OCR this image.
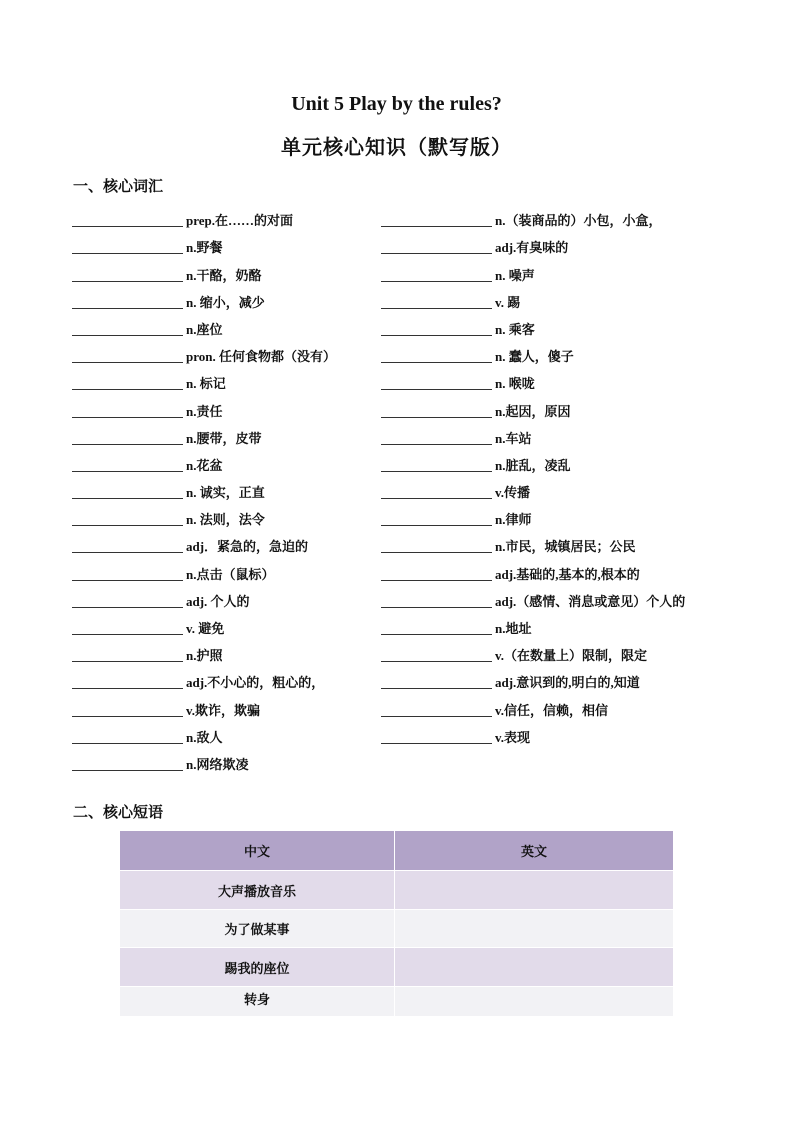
Unit 5 Play by the rules?
单元核心知识（默写版）
一、核心词汇
prep.在……的对面
n.野餐
n.干酪，奶酪
n. 缩小，减少
n.座位
pron. 任何食物都（没有）
n. 标记
n.责任
n.腰带，皮带
n.花盆
n. 诚实，正直
n. 法则，法令
adj．紧急的，急迫的
n.点击（鼠标）
adj. 个人的
v. 避免
n.护照
adj.不小心的，粗心的，
v.欺诈，欺骗
n.敌人
n.网络欺凌
n.（装商品的）小包，小盒，
adj.有臭味的
n. 噪声
v. 踢
n. 乘客
n. 蠢人，傻子
n. 喉咙
n.起因，原因
n.车站
n.脏乱，凌乱
v.传播
n.律师
n.市民，城镇居民；公民
adj.基础的,基本的,根本的
adj.（感情、消息或意见）个人的
n.地址
v.（在数量上）限制，限定
adj.意识到的,明白的,知道
v.信任，信赖，相信
v.表现
二、核心短语
中文	英文
大声播放音乐	
为了做某事	
踢我的座位	
转身	
